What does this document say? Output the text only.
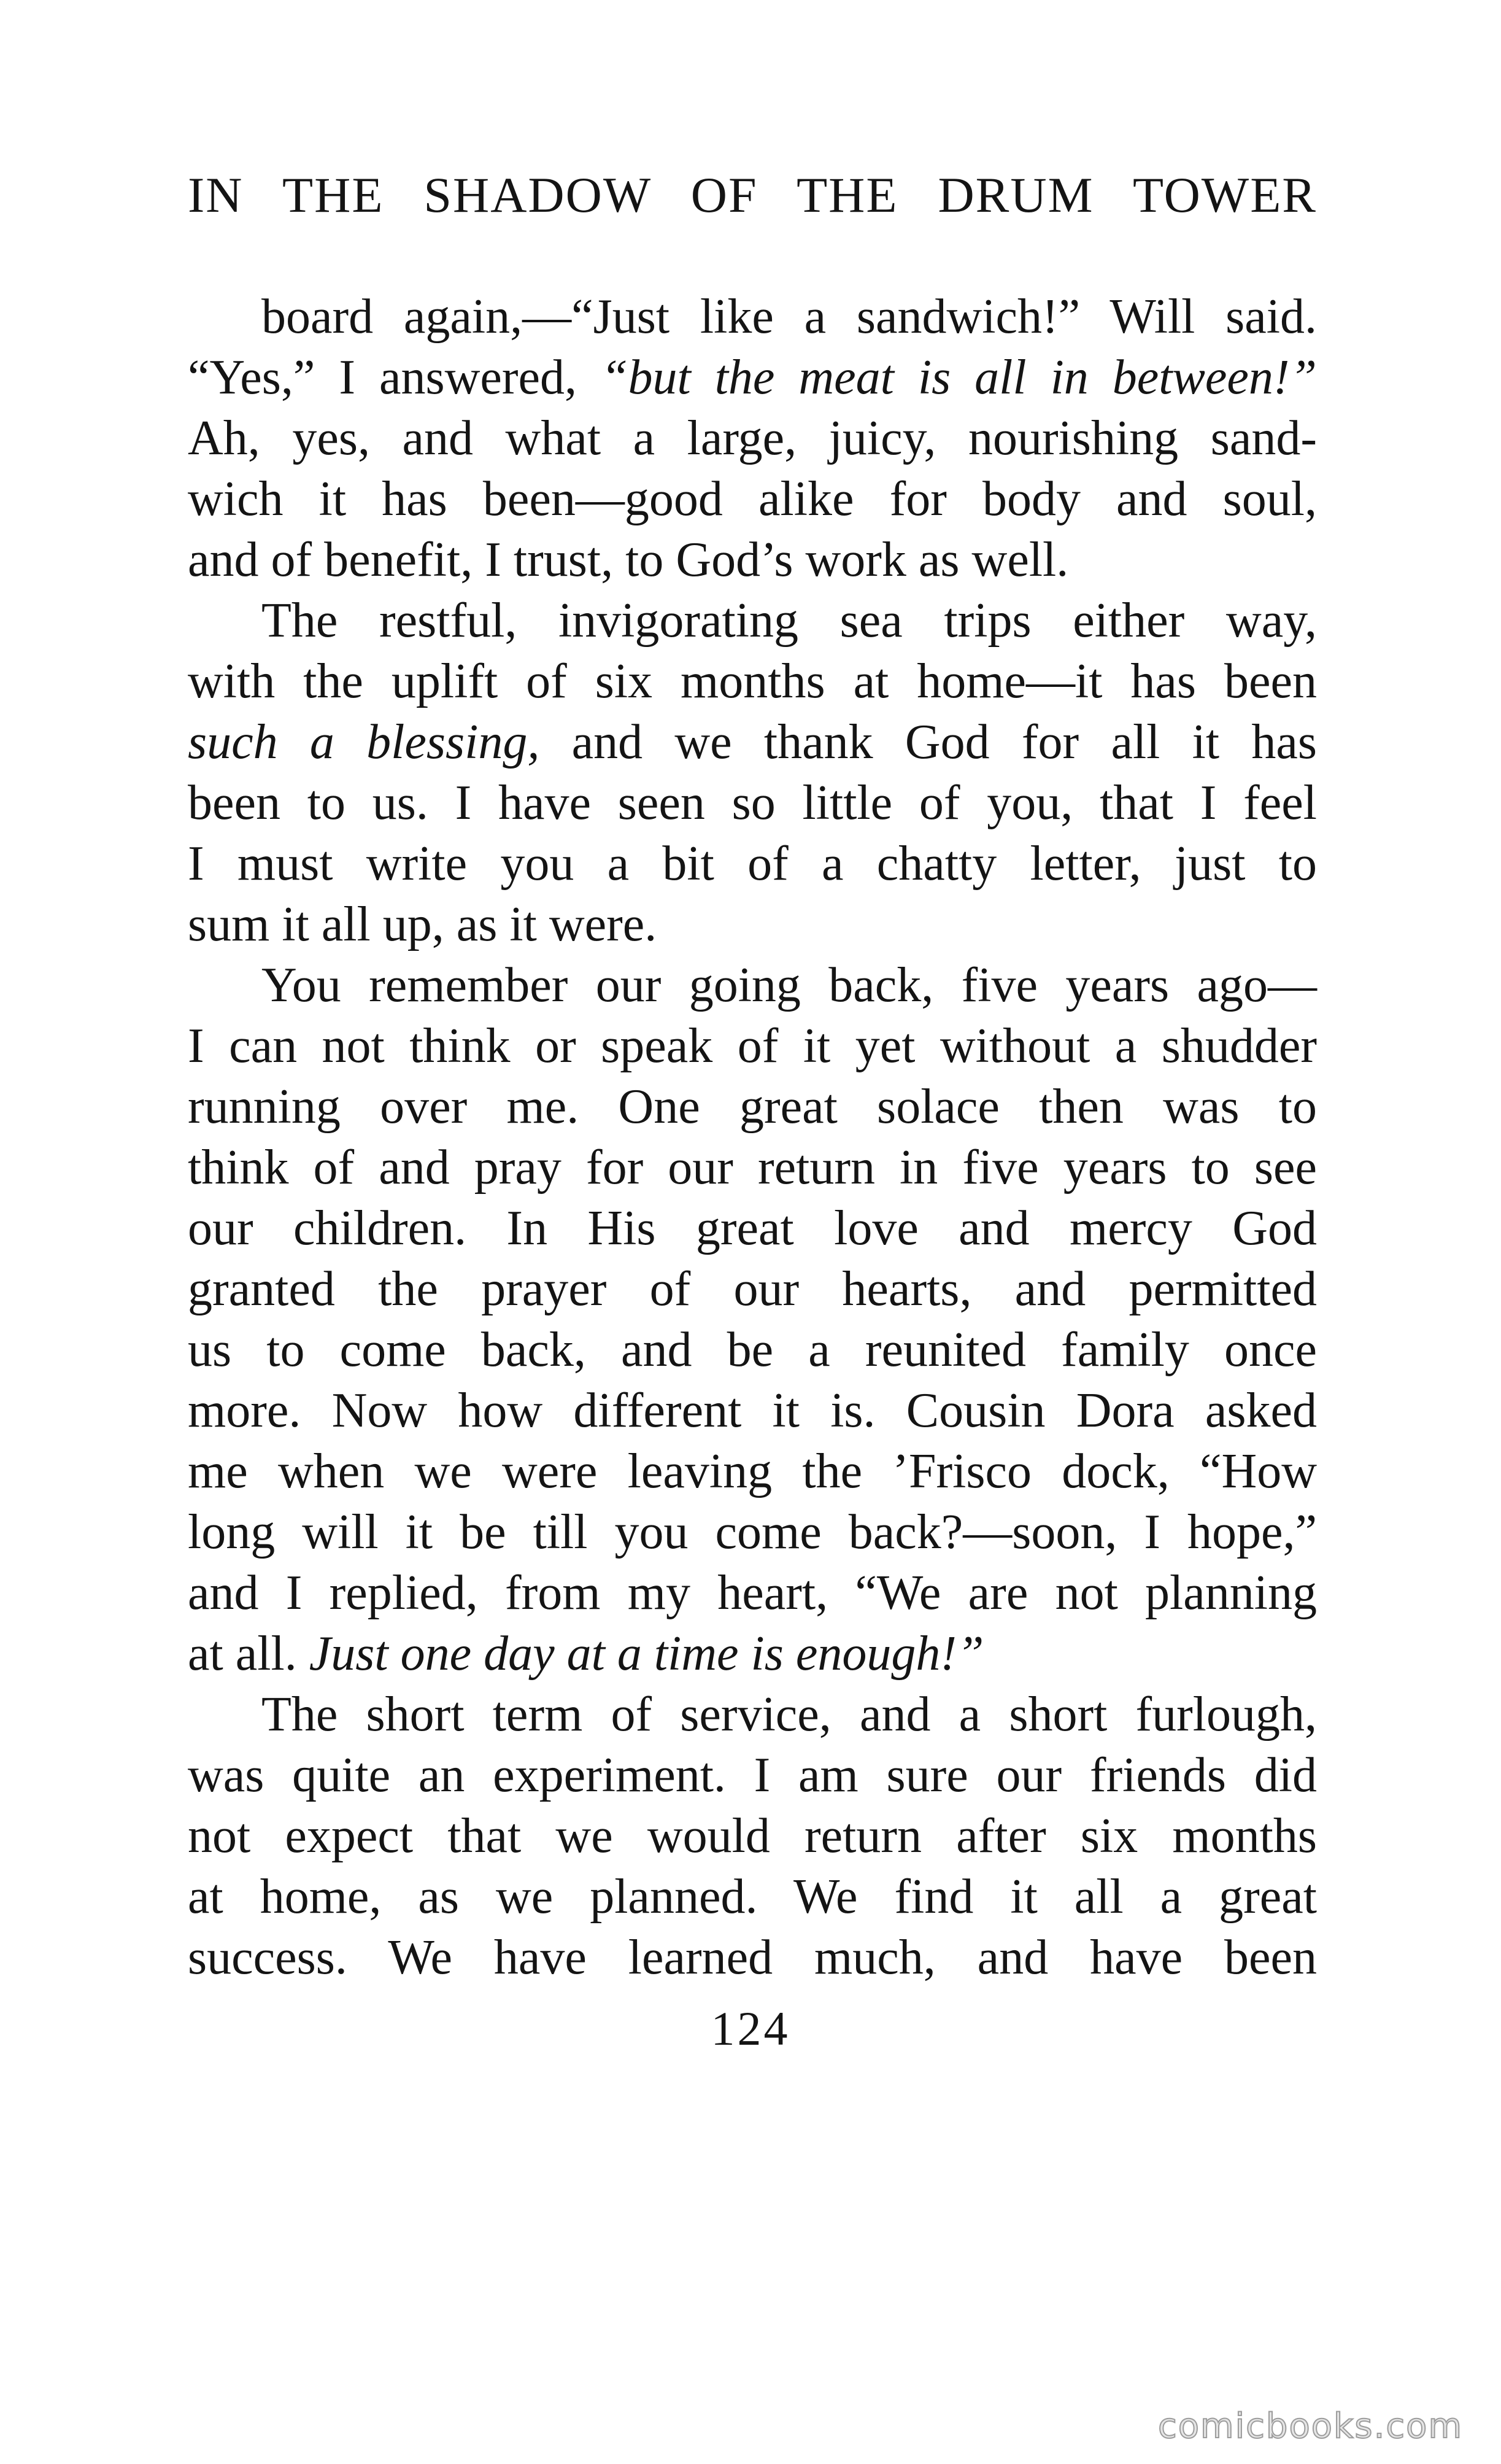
IN THE SHADOW OF THE DRUM TOWER
board again,—“Just like a sandwich!” Will said.
“Yes,” I answered, “but the meat is all in between!”
Ah, yes, and what a large, juicy, nourishing sand-
wich it has been—good alike for body and soul,
and of benefit, I trust, to God’s work as well.
The restful, invigorating sea trips either way,
with the uplift of six months at home—it has been
such a blessing, and we thank God for all it has
been to us. I have seen so little of you, that I feel
I must write you a bit of a chatty letter, just to
sum it all up, as it were.
You remember our going back, five years ago—
I can not think or speak of it yet without a shudder
running over me. One great solace then was to
think of and pray for our return in five years to see
our children. In His great love and mercy God
granted the prayer of our hearts, and permitted
us to come back, and be a reunited family once
more. Now how different it is. Cousin Dora asked
me when we were leaving the ’Frisco dock, “How
long will it be till you come back?—soon, I hope,”
and I replied, from my heart, “We are not planning
at all. Just one day at a time is enough!”
The short term of service, and a short furlough,
was quite an experiment. I am sure our friends did
not expect that we would return after six months
at home, as we planned. We find it all a great
success. We have learned much, and have been
124
comicbooks.com
